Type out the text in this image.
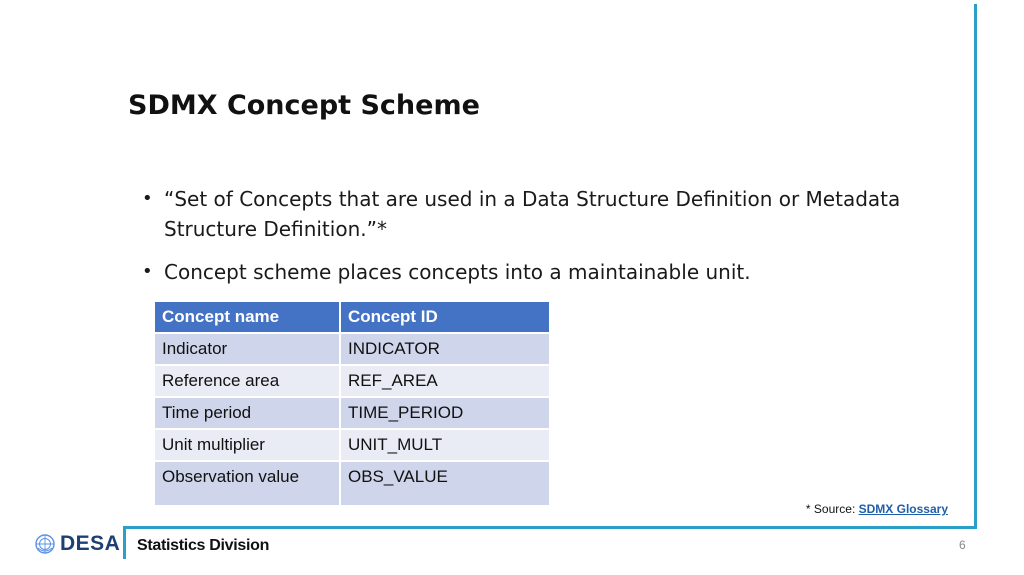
SDMX Concept Scheme
• “Set of Concepts that are used in a Data Structure Definition or Metadata Structure Definition.”*
• Concept scheme places concepts into a maintainable unit.
Concept name	Concept ID
Indicator	INDICATOR
Reference area	REF_AREA
Time period	TIME_PERIOD
Unit multiplier	UNIT_MULT
Observation value	OBS_VALUE
* Source: SDMX Glossary
DESA Statistics Division	6
